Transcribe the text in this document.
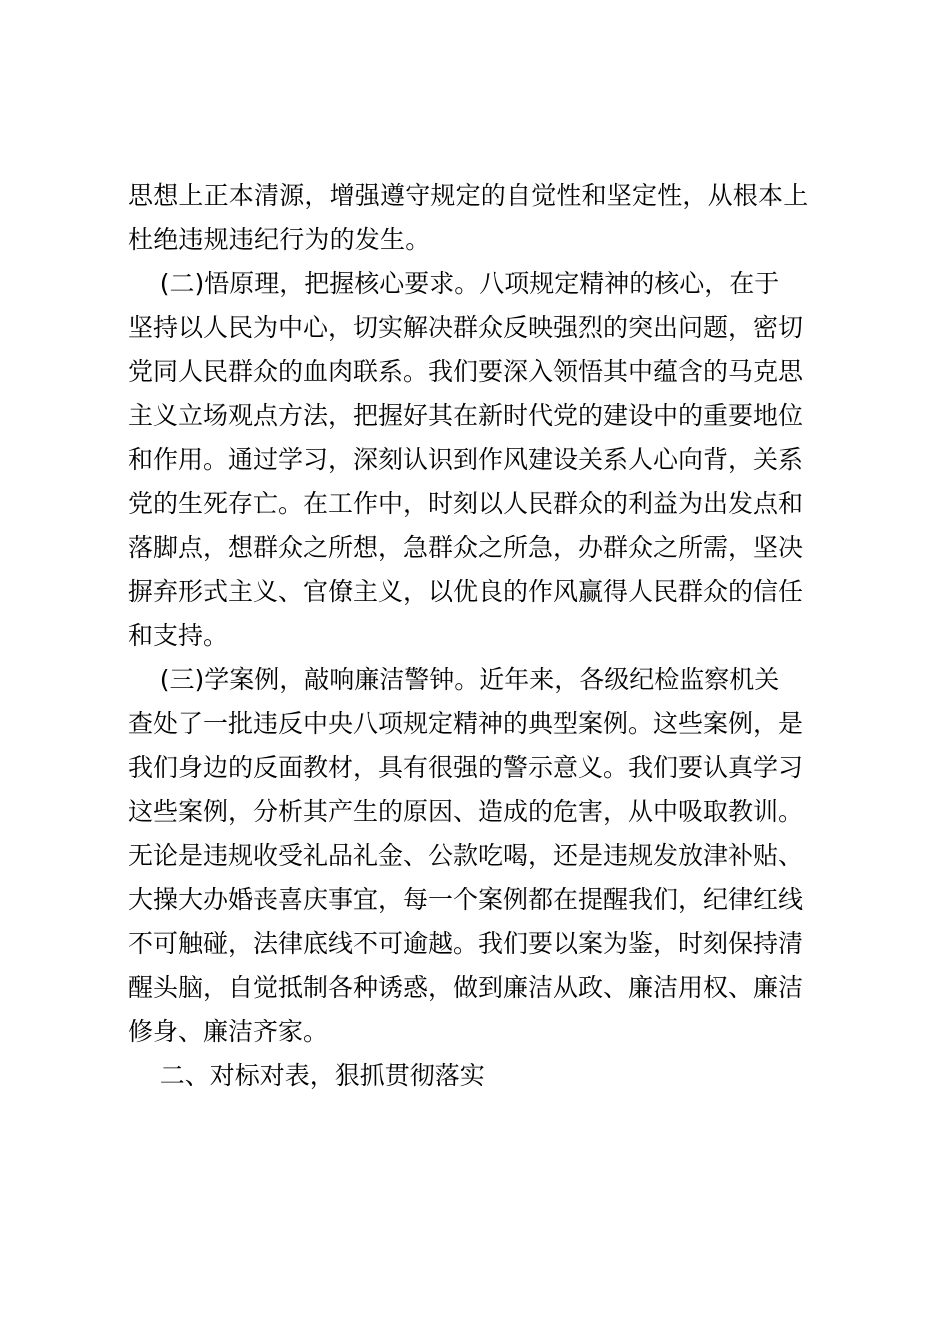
思想上正本清源，增强遵守规定的自觉性和坚定性，从根本上
杜绝违规违纪行为的发生。
(二)悟原理，把握核心要求。八项规定精神的核心，在于
坚持以人民为中心，切实解决群众反映强烈的突出问题，密切
党同人民群众的血肉联系。我们要深入领悟其中蕴含的马克思
主义立场观点方法，把握好其在新时代党的建设中的重要地位
和作用。通过学习，深刻认识到作风建设关系人心向背，关系
党的生死存亡。在工作中，时刻以人民群众的利益为出发点和
落脚点，想群众之所想，急群众之所急，办群众之所需，坚决
摒弃形式主义、官僚主义，以优良的作风赢得人民群众的信任
和支持。
(三)学案例，敲响廉洁警钟。近年来，各级纪检监察机关
查处了一批违反中央八项规定精神的典型案例。这些案例，是
我们身边的反面教材，具有很强的警示意义。我们要认真学习
这些案例，分析其产生的原因、造成的危害，从中吸取教训。
无论是违规收受礼品礼金、公款吃喝，还是违规发放津补贴、
大操大办婚丧喜庆事宜，每一个案例都在提醒我们，纪律红线
不可触碰，法律底线不可逾越。我们要以案为鉴，时刻保持清
醒头脑，自觉抵制各种诱惑，做到廉洁从政、廉洁用权、廉洁
修身、廉洁齐家。
二、对标对表，狠抓贯彻落实
